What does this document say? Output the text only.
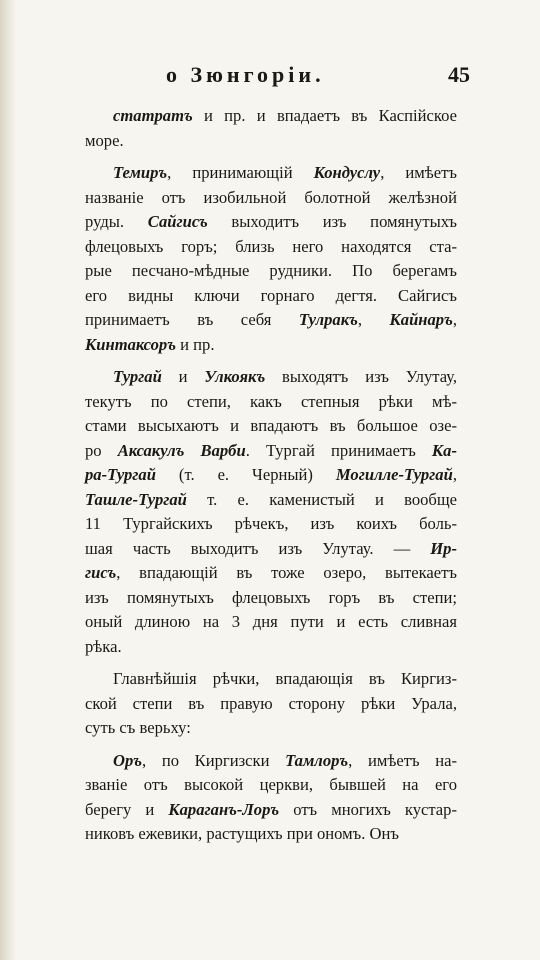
о Зюнгоріи.	45
статратъ и пр. и впадаетъ въ Каспійское
море.
Темиръ, принимающій Кондуслу, имѣетъ
названіе отъ изобильной болотной желѣзной
руды. Сайгисъ выходитъ изъ помянутыхъ
флецовыхъ горъ; близь него находятся ста-
рые песчано-мѣдные рудники. По берегамъ
его видны ключи горнаго дегтя. Сайгисъ
принимаетъ въ себя Тулракъ, Кайнаръ,
Кинтаксоръ и пр.
Тургай и Улкоякъ выходятъ изъ Улутау,
текутъ по степи, какъ степныя рѣки мѣ-
стами высыхаютъ и впадаютъ въ большое озе-
ро Аксакулъ Варби. Тургай принимаетъ Ка-
ра-Тургай (т. е. Черный) Могилле-Тургай,
Ташле-Тургай т. е. каменистый и вообще
11 Тургайскихъ рѣчекъ, изъ коихъ боль-
шая часть выходитъ изъ Улутау. — Ир-
гисъ, впадающій въ тоже озеро, вытекаетъ
изъ помянутыхъ флецовыхъ горъ въ степи;
оный длиною на 3 дня пути и есть сливная
рѣка.
Главнѣйшія рѣчки, впадающія въ Киргиз-
ской степи въ правую сторону рѣки Урала,
суть съ верьху:
Оръ, по Киргизски Тамлоръ, имѣетъ на-
званіе отъ высокой церкви, бывшей на его
берегу и Караганъ-Лоръ отъ многихъ кустар-
никовъ ежевики, растущихъ при ономъ. Онъ
